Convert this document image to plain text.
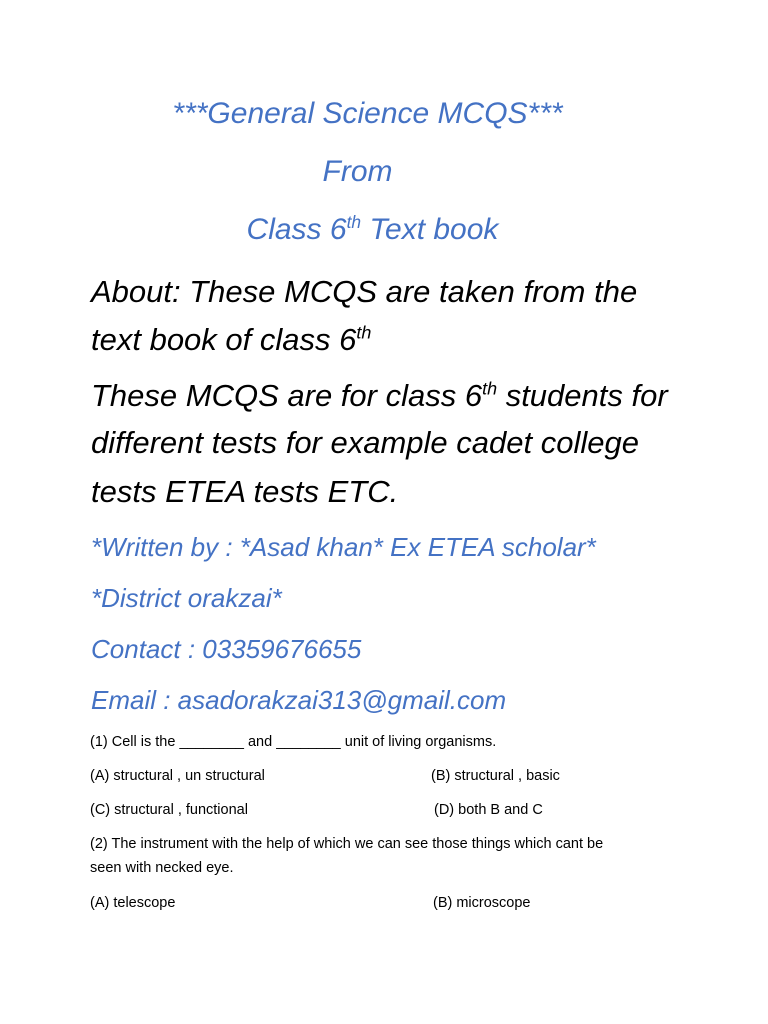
***General Science MCQS***
From
Class 6th Text book
About: These MCQS are taken from the
text book of class 6th
These MCQS are for class 6th students for
different tests for example cadet college
tests ETEA tests ETC.
*Written by : *Asad khan* Ex ETEA scholar*
*District orakzai*
Contact : 03359676655
Email : asadorakzai313@gmail.com
(1) Cell is the ________ and ________ unit of living organisms.
(A) structural , un structural	(B) structural , basic
(C) structural , functional	(D) both B and C
(2) The instrument with the help of which we can see those things which cant be
seen with necked eye.
(A) telescope	(B) microscope
